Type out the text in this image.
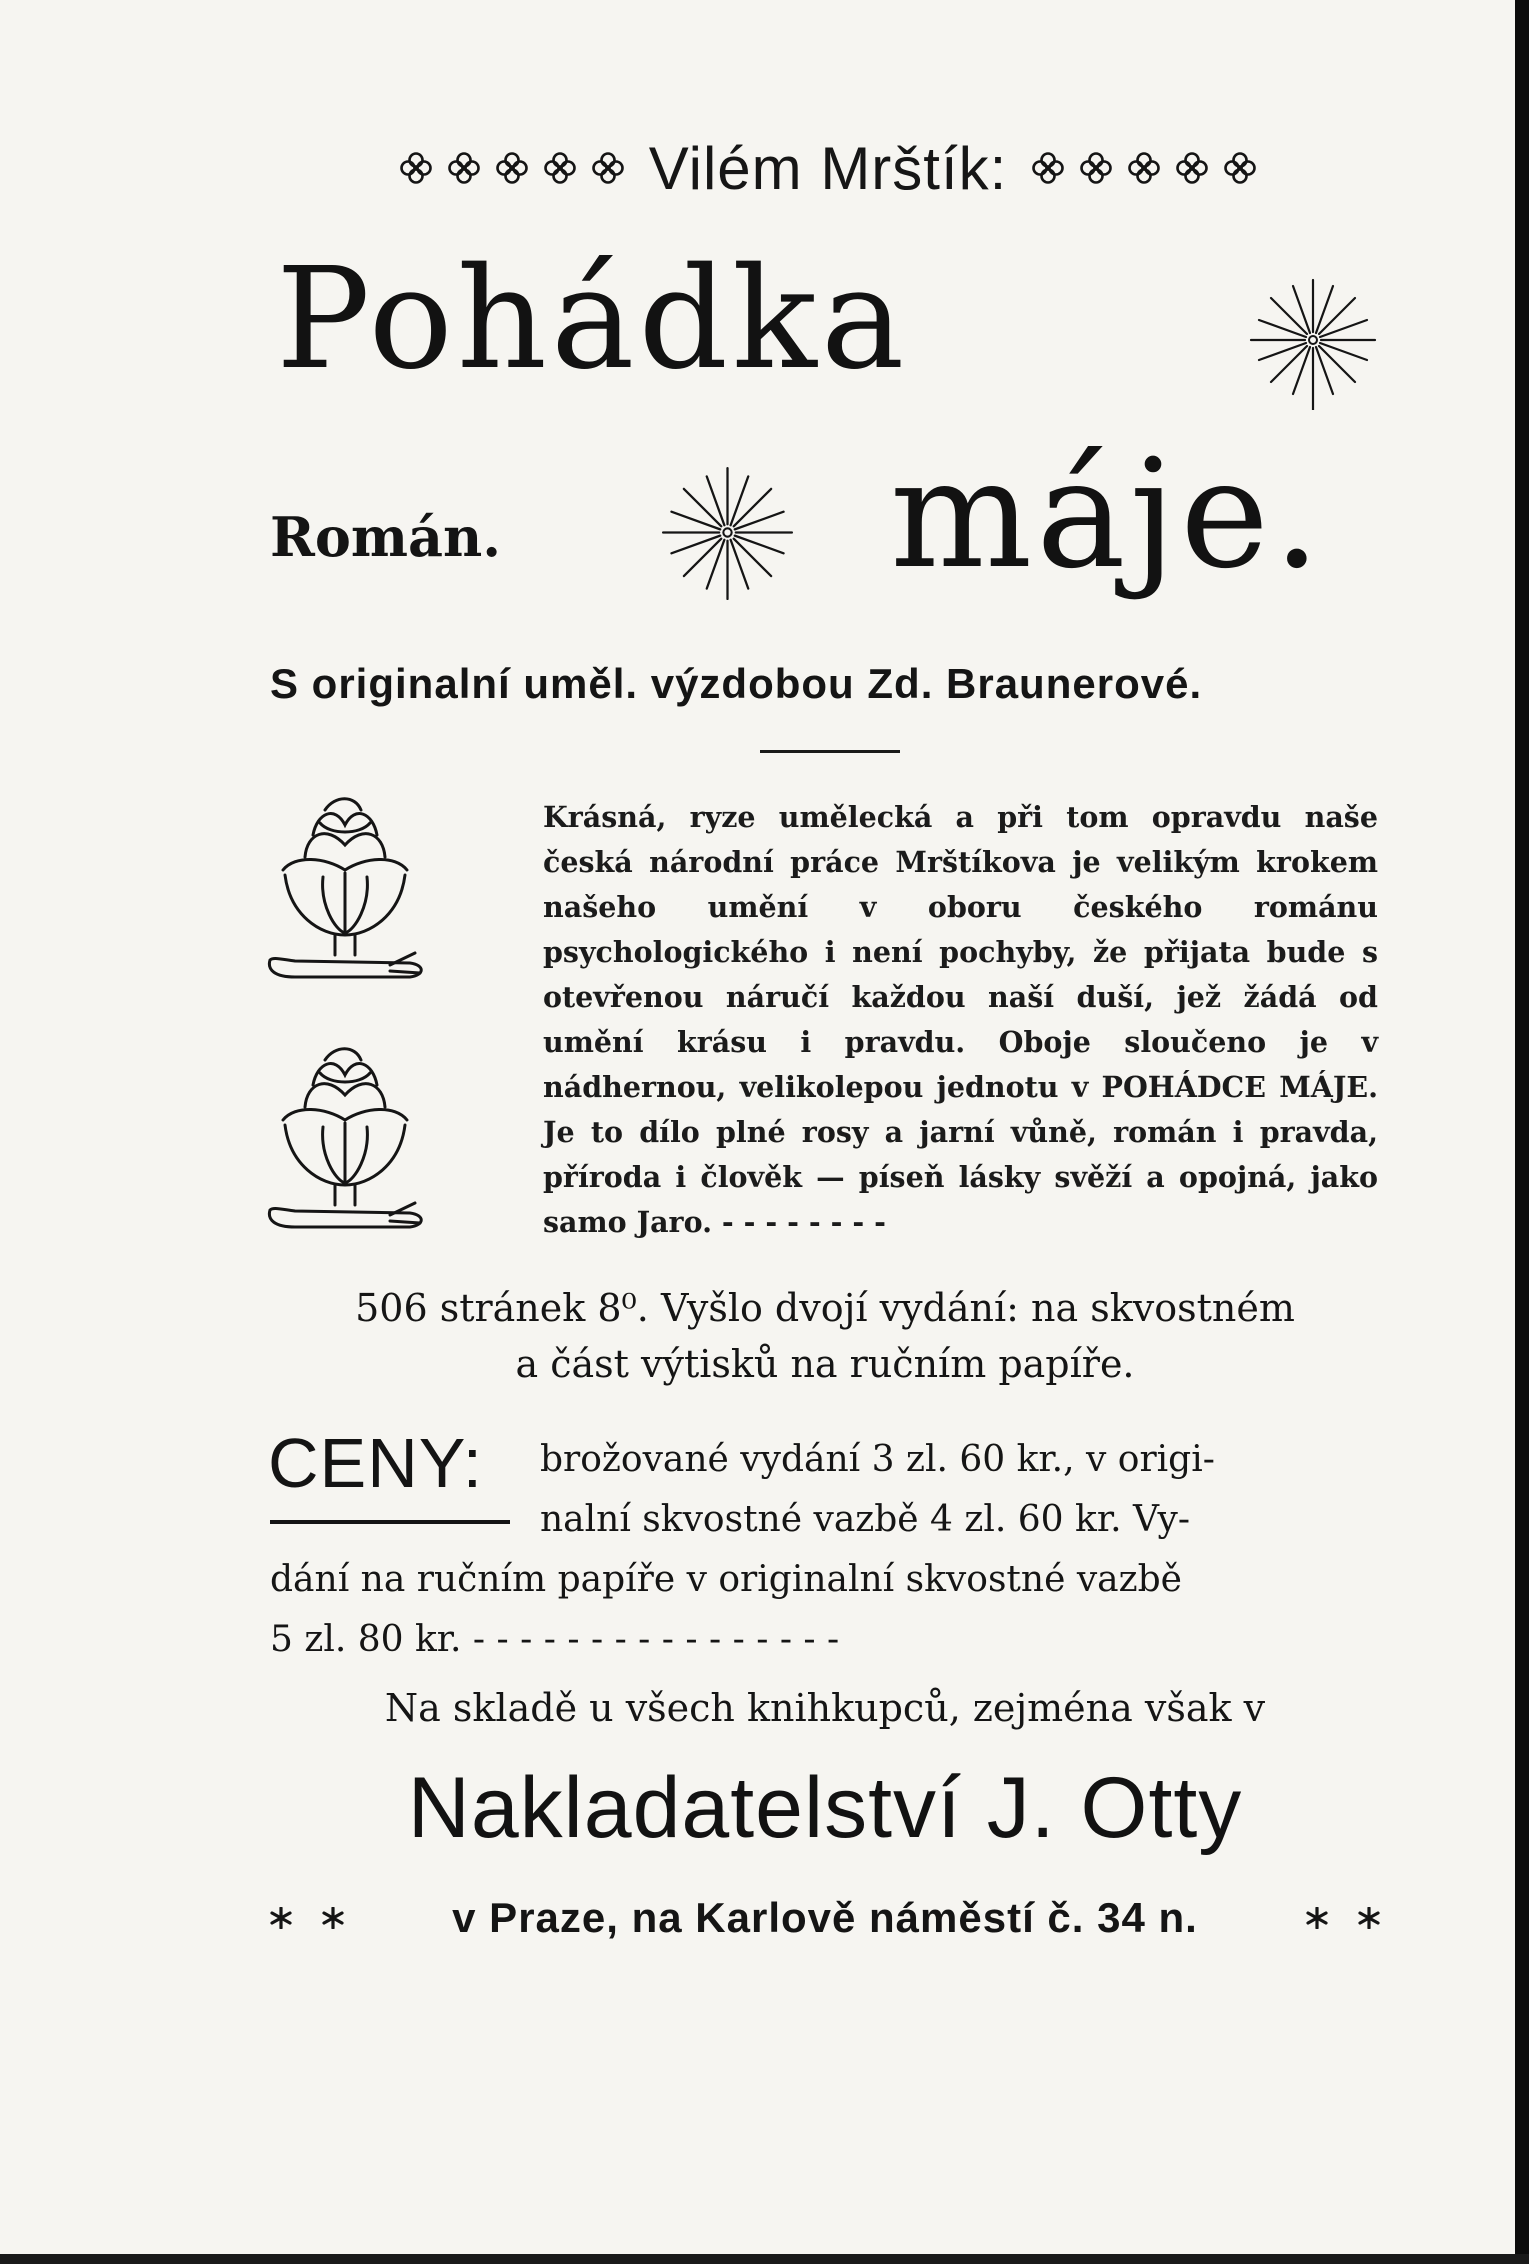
Vilém Mrštík:
Pohádka
Román.	máje.
S originalní uměl. výzdobou Zd. Braunerové.
Krásná, ryze umělecká a při tom opravdu naše česká národní práce Mrštíkova je velikým krokem našeho umění v oboru českého románu psychologického i není pochyby, že přijata bude s otevřenou náručí každou naší duší, jež žádá od umění krásu i pravdu. Obojе sloučeno je v nádhernou, velikolepou jednotu v POHÁDCE MÁJE. Je to dílo plné rosy a jarní vůně, román i pravda, příroda i člověk — píseň lásky svěží a opojná, jako samo Jaro. - - - - - - - -
506 stránek 8⁰. Vyšlo dvojí vydání: na skvostném
a část výtisků na ručním papíře.
CENY: brožované vydání 3 zl. 60 kr., v origi-
nalní skvostné vazbě 4 zl. 60 kr. Vy-
dání na ručním papíře v originalní skvostné vazbě
5 zl. 80 kr. - - - - - - - - - - - - - - - -
Na skladě u všech knihkupců, zejména však v
Nakladatelství J. Otty
v Praze, na Karlově náměstí č. 34 n.
